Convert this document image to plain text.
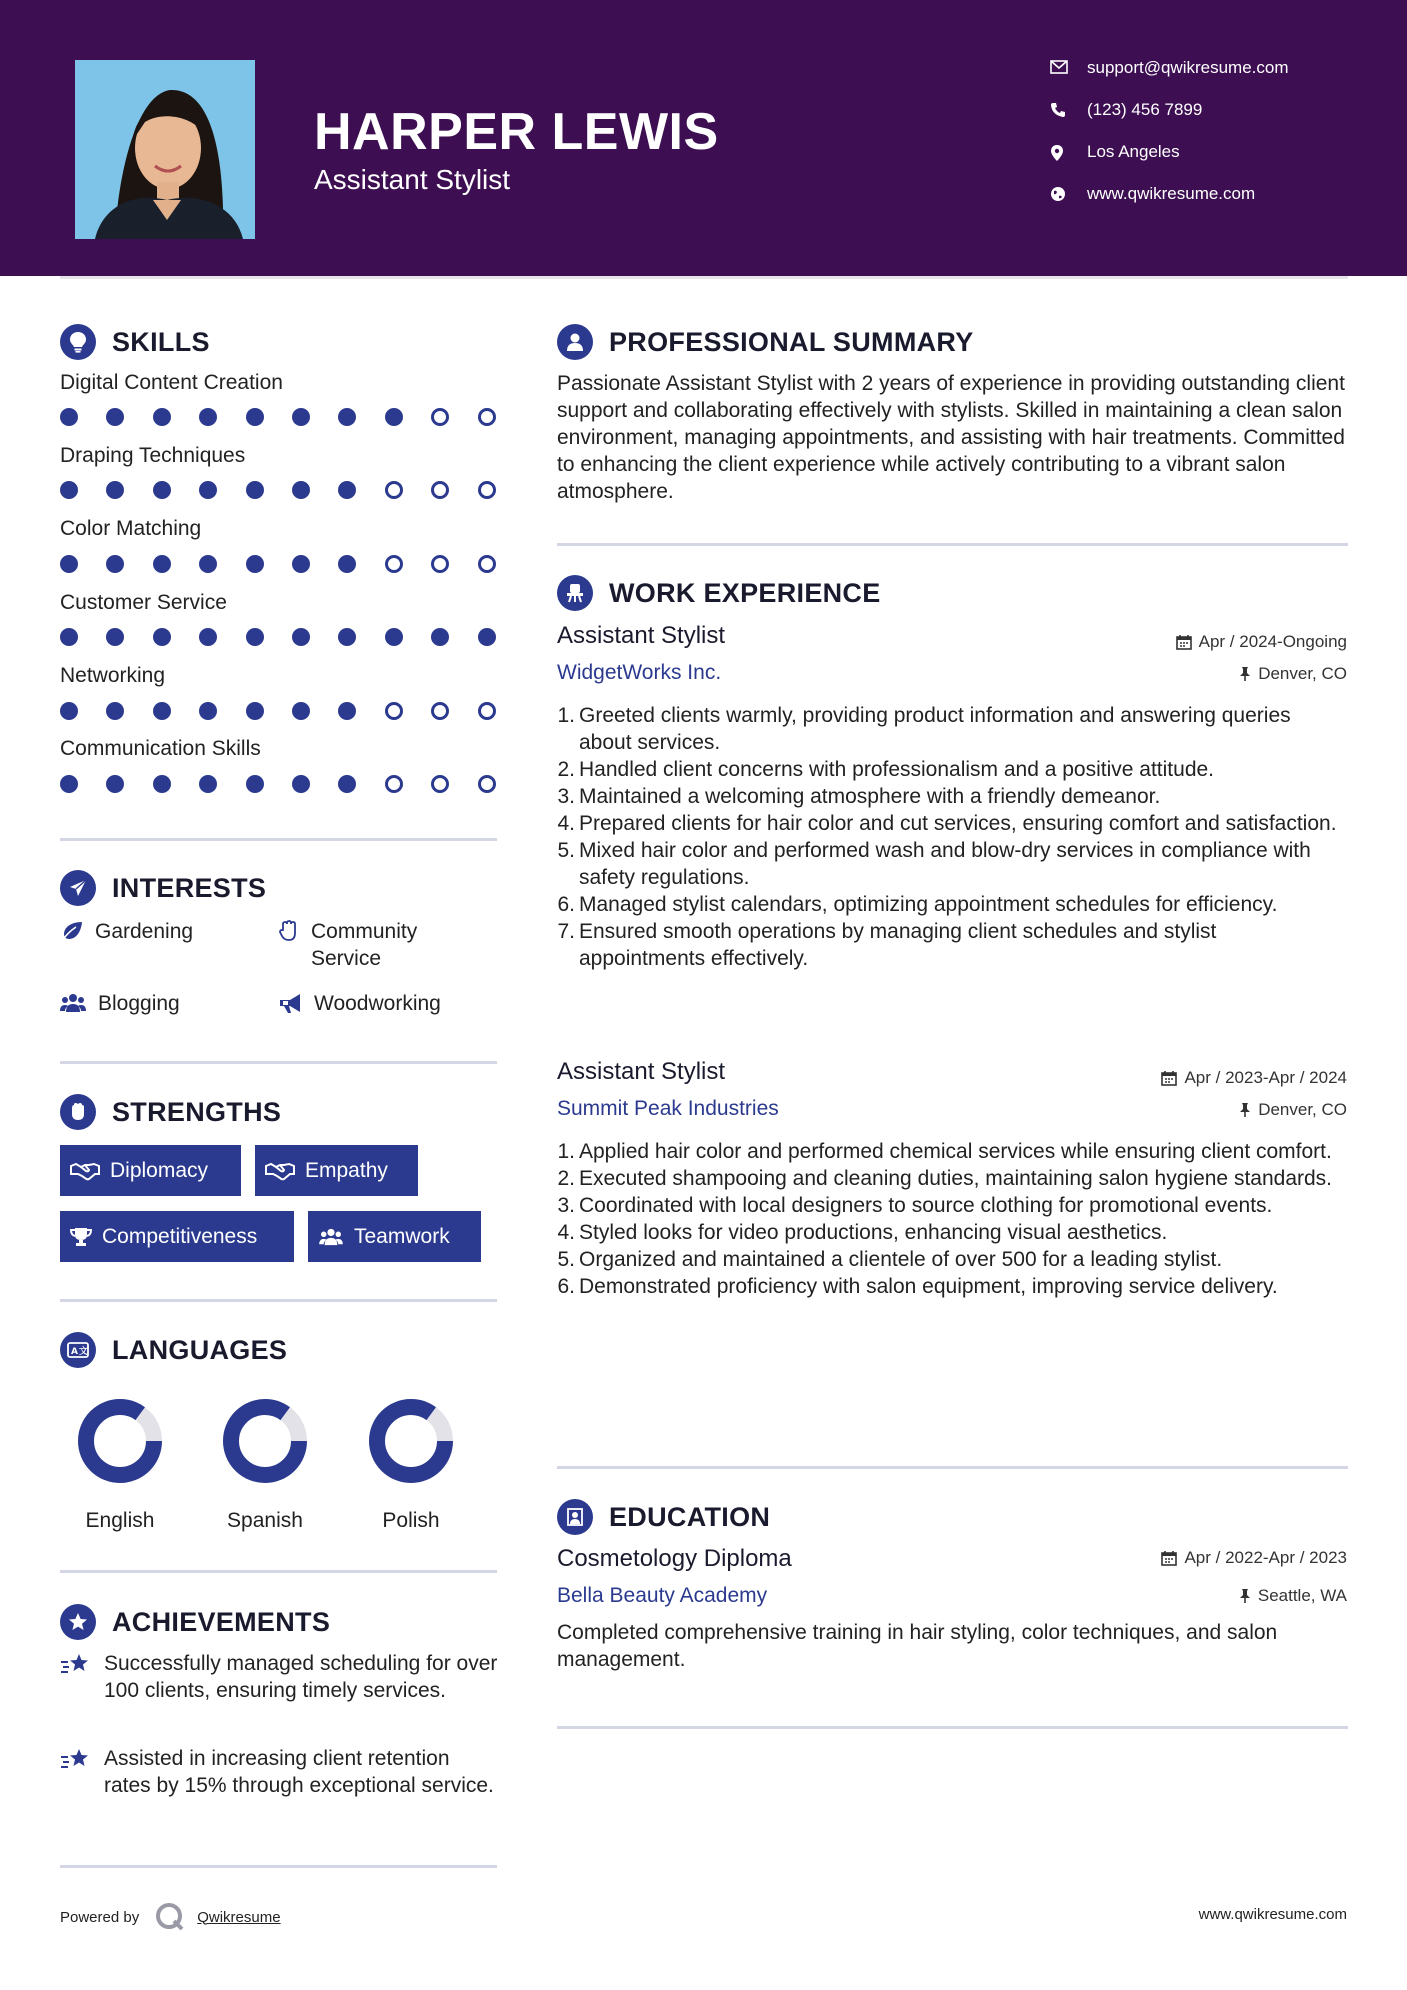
HARPER LEWIS
Assistant Stylist
support@qwikresume.com
(123) 456 7899
Los Angeles
www.qwikresume.com
SKILLS
Digital Content Creation
Draping Techniques
Color Matching
Customer Service
Networking
Communication Skills
INTERESTS
Gardening	Community Service
Blogging	Woodworking
STRENGTHS
Diplomacy	Empathy
Competitiveness	Teamwork
A 文 LANGUAGES
English	Spanish	Polish
ACHIEVEMENTS
Successfully managed scheduling for over 100 clients, ensuring timely services.
Assisted in increasing client retention rates by 15% through exceptional service.
PROFESSIONAL SUMMARY
Passionate Assistant Stylist with 2 years of experience in providing outstanding client support and collaborating effectively with stylists. Skilled in maintaining a clean salon environment, managing appointments, and assisting with hair treatments. Committed to enhancing the client experience while actively contributing to a vibrant salon atmosphere.
WORK EXPERIENCE
Assistant Stylist	Apr / 2024-Ongoing
WidgetWorks Inc.	Denver, CO
1. Greeted clients warmly, providing product information and answering queries about services.
2. Handled client concerns with professionalism and a positive attitude.
3. Maintained a welcoming atmosphere with a friendly demeanor.
4. Prepared clients for hair color and cut services, ensuring comfort and satisfaction.
5. Mixed hair color and performed wash and blow-dry services in compliance with safety regulations.
6. Managed stylist calendars, optimizing appointment schedules for efficiency.
7. Ensured smooth operations by managing client schedules and stylist appointments effectively.
Assistant Stylist	Apr / 2023-Apr / 2024
Summit Peak Industries	Denver, CO
1. Applied hair color and performed chemical services while ensuring client comfort.
2. Executed shampooing and cleaning duties, maintaining salon hygiene standards.
3. Coordinated with local designers to source clothing for promotional events.
4. Styled looks for video productions, enhancing visual aesthetics.
5. Organized and maintained a clientele of over 500 for a leading stylist.
6. Demonstrated proficiency with salon equipment, improving service delivery.
EDUCATION
Cosmetology Diploma	Apr / 2022-Apr / 2023
Bella Beauty Academy	Seattle, WA
Completed comprehensive training in hair styling, color techniques, and salon management.
Powered by	Qwikresume	www.qwikresume.com
